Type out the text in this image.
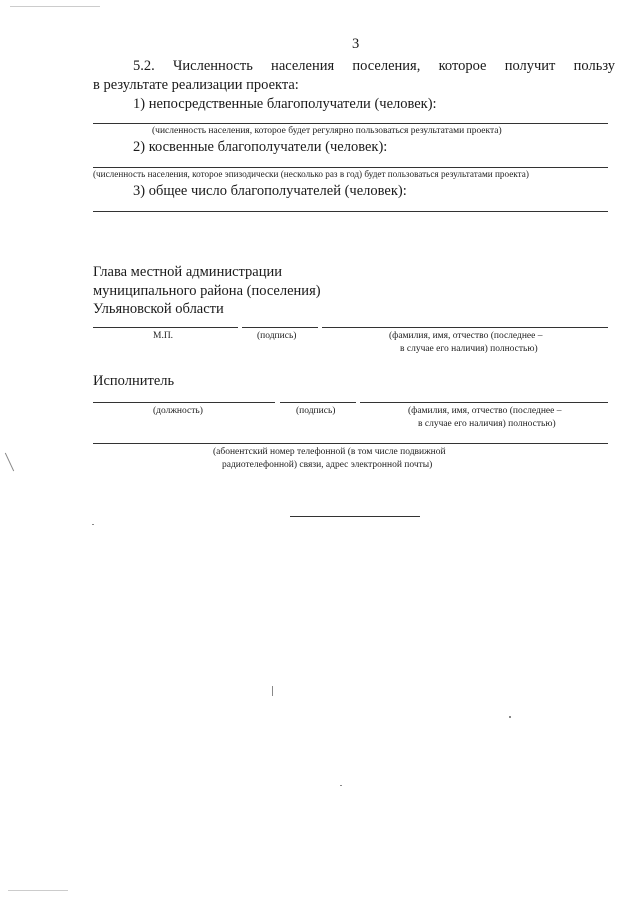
3
5.2. Численность населения поселения, которое получит пользу
в результате реализации проекта:
1) непосредственные благополучатели (человек):
(численность населения, которое будет регулярно пользоваться результатами проекта)
2) косвенные благополучатели (человек):
(численность населения, которое эпизодически (несколько раз в год) будет пользоваться результатами проекта)
3) общее число благополучателей (человек):
Глава местной администрации
муниципального района (поселения)
Ульяновской области
М.П.	(подпись)	(фамилия, имя, отчество (последнее –
в случае его наличия) полностью)
Исполнитель
(должность)	(подпись)	(фамилия, имя, отчество (последнее –
в случае его наличия) полностью)
(абонентский номер телефонной (в том числе подвижной
радиотелефонной) связи, адрес электронной почты)
